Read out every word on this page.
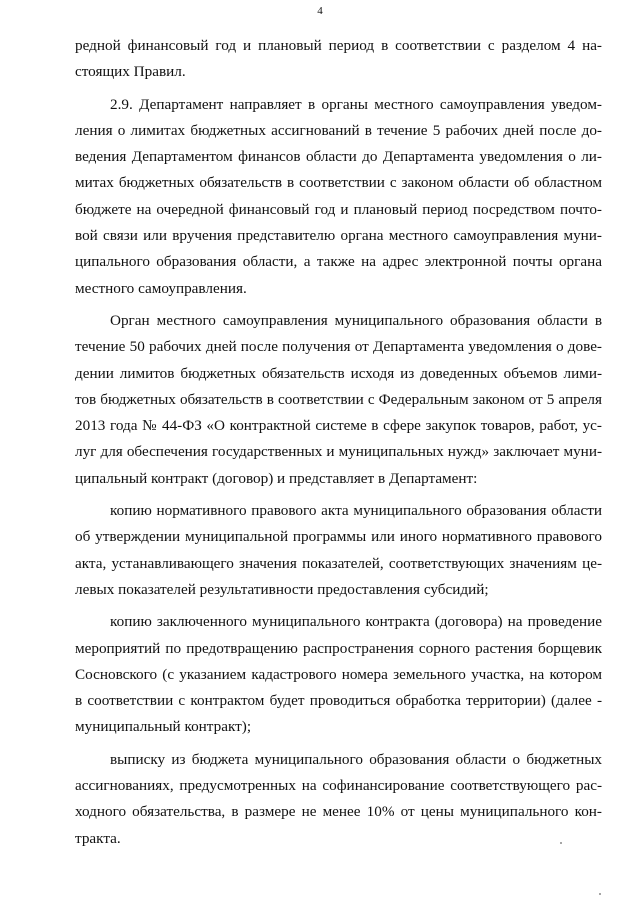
4
редной финансовый год и плановый период в соответствии с разделом 4 на-
стоящих Правил.
2.9. Департамент направляет в органы местного самоуправления уведом-
ления о лимитах бюджетных ассигнований в течение 5 рабочих дней после до-
ведения Департаментом финансов области до Департамента уведомления о ли-
митах бюджетных обязательств в соответствии с законом области об областном
бюджете на очередной финансовый год и плановый период посредством почто-
вой связи или вручения представителю органа местного самоуправления муни-
ципального образования области, а также на адрес электронной почты органа
местного самоуправления.
Орган местного самоуправления муниципального образования области в
течение 50 рабочих дней после получения от Департамента уведомления о дове-
дении лимитов бюджетных обязательств исходя из доведенных объемов лими-
тов бюджетных обязательств в соответствии с Федеральным законом от 5 апреля
2013 года № 44-ФЗ «О контрактной системе в сфере закупок товаров, работ, ус-
луг для обеспечения государственных и муниципальных нужд» заключает муни-
ципальный контракт (договор) и представляет в Департамент:
копию нормативного правового акта муниципального образования области
об утверждении муниципальной программы или иного нормативного правового
акта, устанавливающего значения показателей, соответствующих значениям це-
левых показателей результативности предоставления субсидий;
копию заключенного муниципального контракта (договора) на проведение
мероприятий по предотвращению распространения сорного растения борщевик
Сосновского (с указанием кадастрового номера земельного участка, на котором
в соответствии с контрактом будет проводиться обработка территории) (далее -
муниципальный контракт);
выписку из бюджета муниципального образования области о бюджетных
ассигнованиях, предусмотренных на софинансирование соответствующего рас-
ходного обязательства, в размере не менее 10% от цены муниципального кон-
тракта.
